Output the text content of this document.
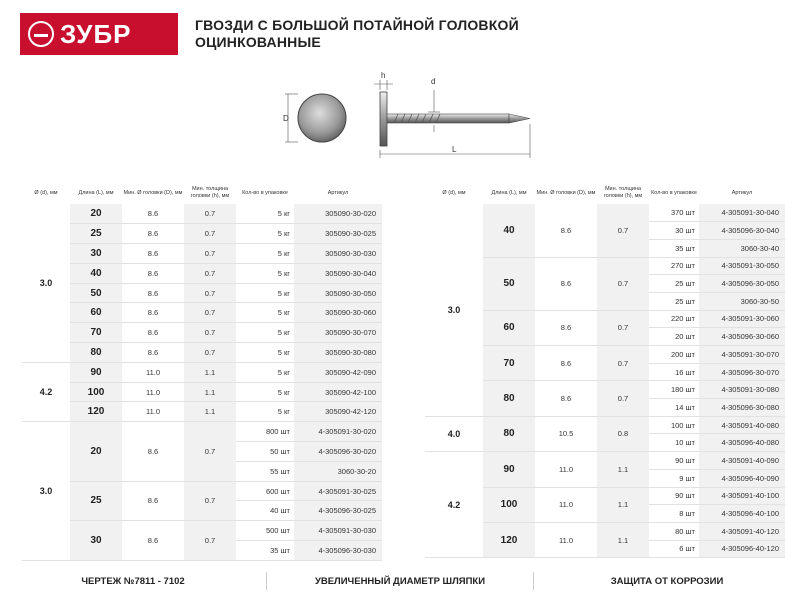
ЗУБР	ГВОЗДИ С БОЛЬШОЙ ПОТАЙНОЙ ГОЛОВКОЙ
ОЦИНКОВАННЫЕ
D
h
d
L
Ø (d), мм	Длина (L), мм	Мин. Ø головки (D), мм	Мин. толщина головки (h), мм	Кол-во в упаковке	Артикул
3.0	20	8.6	0.7	5 кг	305090-30-020
	25	8.6	0.7	5 кг	305090-30-025
	30	8.6	0.7	5 кг	305090-30-030
	40	8.6	0.7	5 кг	305090-30-040
	50	8.6	0.7	5 кг	305090-30-050
	60	8.6	0.7	5 кг	305090-30-060
	70	8.6	0.7	5 кг	305090-30-070
	80	8.6	0.7	5 кг	305090-30-080
4.2	90	11.0	1.1	5 кг	305090-42-090
	100	11.0	1.1	5 кг	305090-42-100
	120	11.0	1.1	5 кг	305090-42-120
3.0	20	8.6	0.7	800 шт	4-305091-30-020
				50 шт	4-305096-30-020
				55 шт	3060-30-20
	25	8.6	0.7	600 шт	4-305091-30-025
				40 шт	4-305096-30-025
	30	8.6	0.7	500 шт	4-305091-30-030
				35 шт	4-305096-30-030
Ø (d), мм	Длина (L), мм	Мин. Ø головки (D), мм	Мин. толщина головки (h), мм	Кол-во в упаковке	Артикул
3.0	40	8.6	0.7	370 шт	4-305091-30-040
				30 шт	4-305096-30-040
				35 шт	3060-30-40
	50	8.6	0.7	270 шт	4-305091-30-050
				25 шт	4-305096-30-050
				25 шт	3060-30-50
	60	8.6	0.7	220 шт	4-305091-30-060
				20 шт	4-305096-30-060
	70	8.6	0.7	200 шт	4-305091-30-070
				16 шт	4-305096-30-070
	80	8.6	0.7	180 шт	4-305091-30-080
				14 шт	4-305096-30-080
4.0	80	10.5	0.8	100 шт	4-305091-40-080
				10 шт	4-305096-40-080
4.2	90	11.0	1.1	90 шт	4-305091-40-090
				9 шт	4-305096-40-090
	100	11.0	1.1	90 шт	4-305091-40-100
				8 шт	4-305096-40-100
	120	11.0	1.1	80 шт	4-305091-40-120
				6 шт	4-305096-40-120
ЧЕРТЕЖ №7811 - 7102	УВЕЛИЧЕННЫЙ ДИАМЕТР ШЛЯПКИ	ЗАЩИТА ОТ КОРРОЗИИ
